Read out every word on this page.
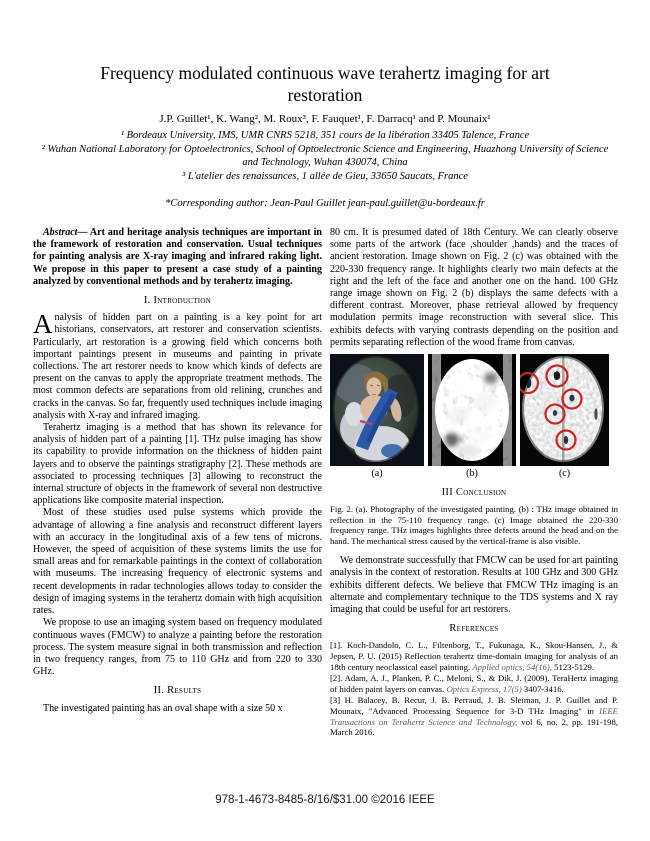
Frequency modulated continuous wave terahertz imaging for art restoration
J.P. Guillet¹, K. Wang², M. Roux³, F. Fauquet¹, F. Darracq¹ and P. Mounaix¹
¹ Bordeaux University, IMS, UMR CNRS 5218, 351 cours de la libération 33405 Talence, France
² Wuhan National Laboratory for Optoelectronics, School of Optoelectronic Science and Engineering, Huazhong University of Science and Technology, Wuhan 430074, China
³ L'atelier des renaissances, 1 allée de Gieu, 33650 Saucats, France
*Corresponding author: Jean-Paul Guillet jean-paul.guillet@u-bordeaux.fr

Abstract— Art and heritage analysis techniques are important in the framework of restoration and conservation. Usual techniques for painting analysis are X-ray imaging and infrared raking light. We propose in this paper to present a case study of a painting analyzed by conventional methods and by terahertz imaging.

I. Introduction

Analysis of hidden part on a painting is a key point for art historians, conservators, art restorer and conservation scientists. Particularly, art restoration is a growing field which concerns both important paintings present in museums and painting in private collections. The art restorer needs to know which kinds of defects are present on the canvas to apply the appropriate treatment methods. The most common defects are separations from old relining, crunches and cracks in the canvas. So far, frequently used techniques include imaging analysis with X-ray and infrared imaging.

Terahertz imaging is a method that has shown its relevance for analysis of hidden part of a painting [1]. THz pulse imaging has show its capability to provide information on the thickness of hidden paint layers and to observe the paintings stratigraphy [2]. These methods are associated to processing techniques [3] allowing to reconstruct the internal structure of objects in the framework of several non destructive applications like composite material inspection.

Most of these studies used pulse systems which provide the advantage of allowing a fine analysis and reconstruct different layers with an accuracy in the longitudinal axis of a few tens of microns. However, the speed of acquisition of these systems limits the use for small areas and for remarkable paintings in the context of collaboration with museums. The increasing frequency of electronic systems and recent developments in radar technologies allows today to consider the design of imaging systems in the terahertz domain with high acquisition rates.

We propose to use an imaging system based on frequency modulated continuous waves (FMCW) to analyze a painting before the restoration process. The system measure signal in both transmission and reflection in two frequency ranges, from 75 to 110 GHz and from 220 to 330 GHz.

II. Results

The investigated painting has an oval shape with a size 50 x

80 cm. It is presumed dated of 18th Century. We can clearly observe some parts of the artwork (face ,shoulder ,hands) and the traces of ancient restoration. Image shown on Fig. 2 (c) was obtained with the 220-330 frequency range. It highlights clearly two main defects at the right and the left of the face and another one on the hand. 100 GHz range image shown on Fig. 2 (b) displays the same defects with a different contrast. Moreover, phase retrieval allowed by frequency modulation permits image reconstruction with several slice. This exhibits defects with varying contrasts depending on the position and permits separating reflection of the wood frame from canvas.

(a)	(b)	(c)
III Conclusion

Fig. 2. (a). Photography of the investigated painting. (b) : THz image obtained in reflection in the 75-110 frequency range. (c) Image obtained the 220-330 frequency range. THz images highlights three defects around the head and on the hand. The mechanical stress caused by the vertical-frame is also visible.

We demonstrate successfully that FMCW can be used for art painting analysis in the context of restoration. Results at 100 GHz and 300 GHz exhibits different defects. We believe that FMCW THz imaging is an alternate and complementary technique to the TDS systems and X ray imaging that could be useful for art restorers.

References

[1]. Koch-Dandolo, C. L., Filtenborg, T., Fukunaga, K., Skou-Hansen, J., & Jepsen, P. U. (2015) Reflection terahertz time-domain imaging for analysis of an 18th century neoclassical easel painting. Applied optics, 54(16), 5123-5129.

[2]. Adam, A. J., Planken, P. C., Meloni, S., & Dik, J. (2009). TeraHertz imaging of hidden paint layers on canvas. Optics Express, 17(5) 3407-3416.

[3] H. Balacey, B. Recur, J. B. Perraud, J. B. Sleiman, J. P. Guillet and P. Mounaix, "Advanced Processing Sequence for 3-D THz Imaging" in IEEE Transactions on Terahertz Science and Technology, vol 6, no. 2, pp. 191-198, March 2016.

978-1-4673-8485-8/16/$31.00 ©2016 IEEE
